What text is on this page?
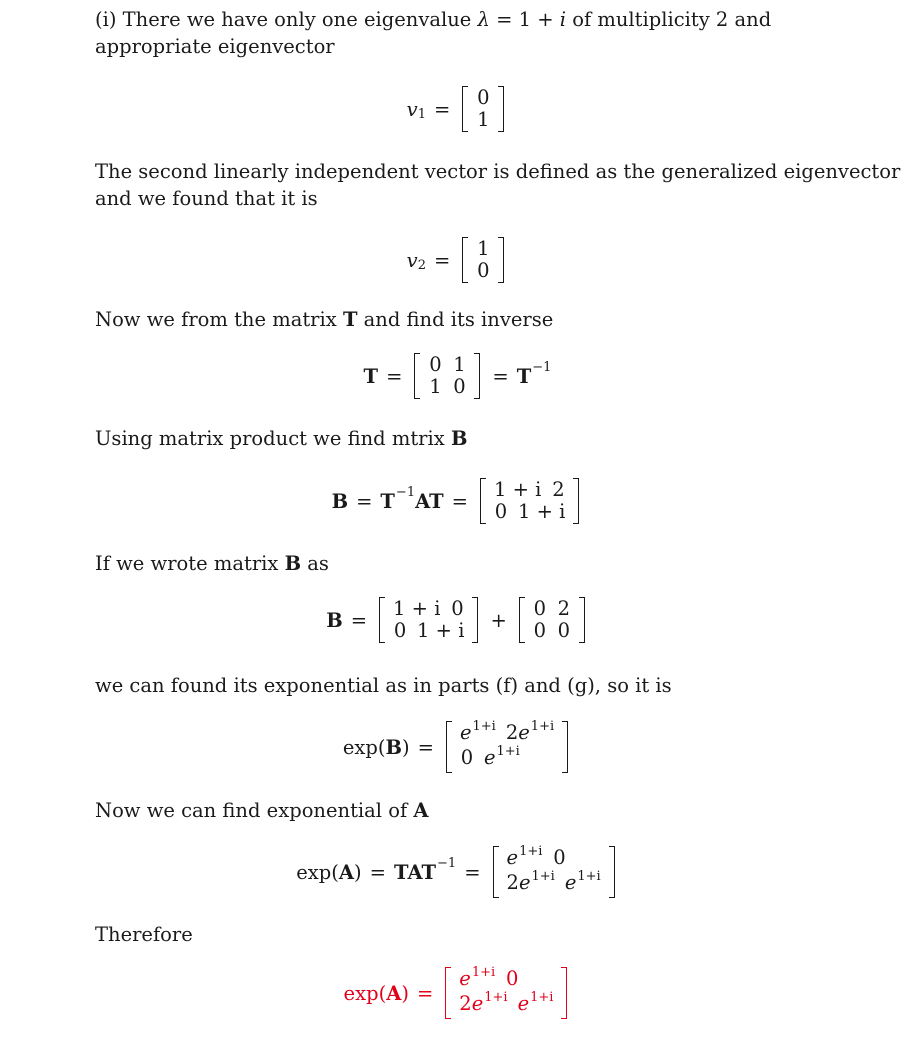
(i) There we have only one eigenvalue λ = 1 + i of multiplicity 2 and
appropriate eigenvector

v 1 = 0
1

The second linearly independent vector is defined as the generalized eigenvector
and we found that it is

v 2 = 1
0

Now we from the matrix T and find its inverse

T = 0 1
1 0 = T −1

Using matrix product we find mtrix B

B = T −1 AT = 1 + i 2
0 1 + i

If we wrote matrix B as

B = 1 + i 0
0 1 + i + 0 2
0 0

we can found its exponential as in parts (f) and (g), so it is

exp( B ) =
$e^{1+i}$ $2e^{1+i}$
0 $e^{1+i}$

Now we can find exponential of A

exp( A ) = TAT −1 =
$e^{1+i}$ 0
$2e^{1+i}$ $e^{1+i}$

Therefore

exp( A ) =
$e^{1+i}$ 0
$2e^{1+i}$ $e^{1+i}$
